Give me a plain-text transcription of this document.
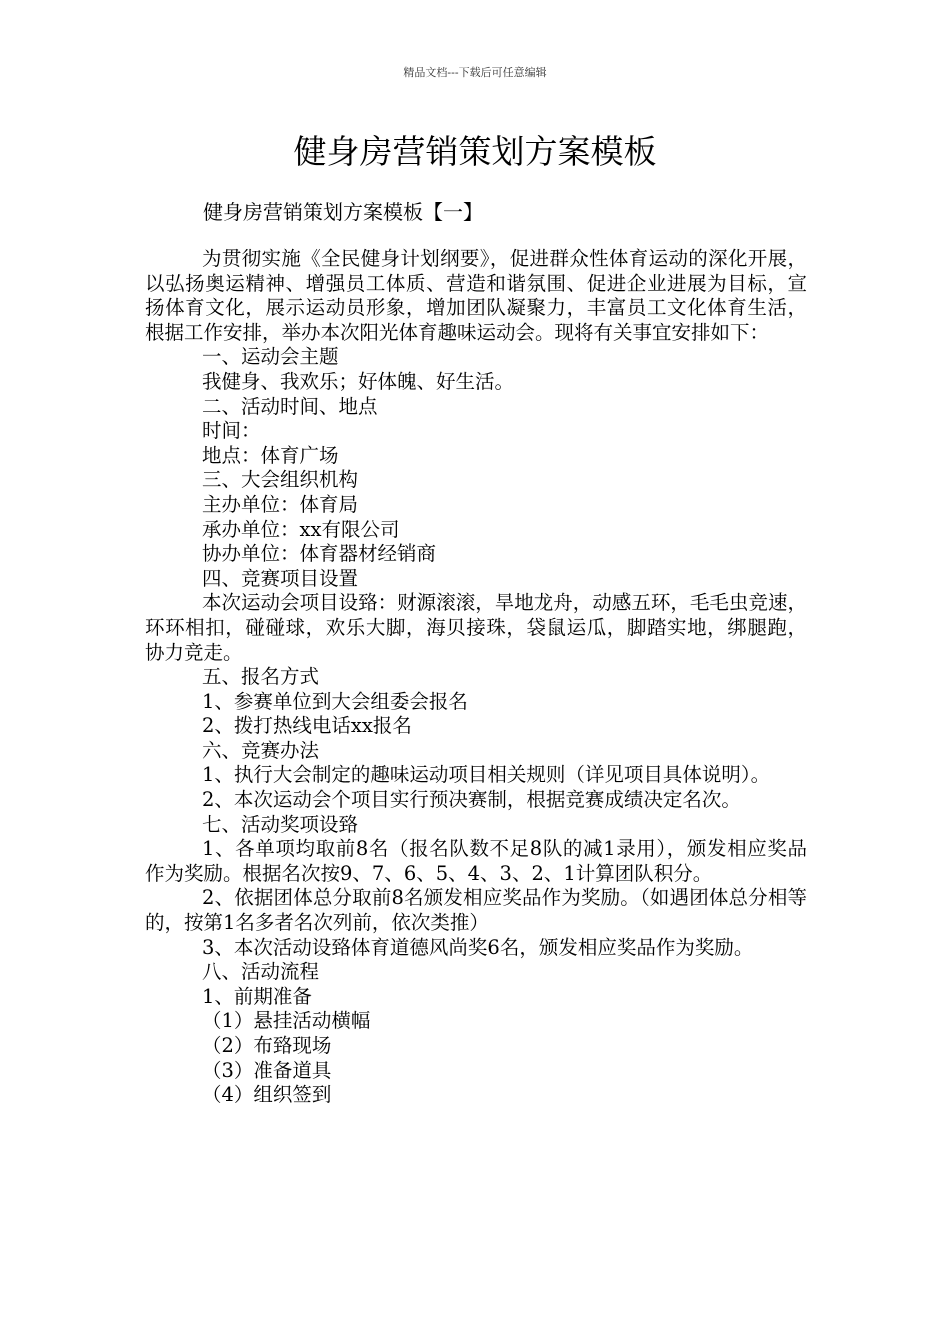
精品文档---下载后可任意编辑
健身房营销策划方案模板
健身房营销策划方案模板【一】

为贯彻实施《全民健身计划纲要》，促进群众性体育运动的深化开展，以弘扬奥运精神、增强员工体质、营造和谐氛围、促进企业进展为目标，宣扬体育文化，展示运动员形象，增加团队凝聚力，丰富员工文化体育生活，根据工作安排，举办本次阳光体育趣味运动会。现将有关事宜安排如下：

一、运动会主题

我健身、我欢乐；好体魄、好生活。

二、活动时间、地点

时间：

地点：体育广场

三、大会组织机构

主办单位：体育局

承办单位：xx有限公司

协办单位：体育器材经销商

四、竞赛项目设置

本次运动会项目设臵：财源滚滚，旱地龙舟，动感五环，毛毛虫竞速，环环相扣，碰碰球，欢乐大脚，海贝接珠，袋鼠运瓜，脚踏实地，绑腿跑，协力竞走。

五、报名方式

1、参赛单位到大会组委会报名

2、拨打热线电话xx报名

六、竞赛办法

1、执行大会制定的趣味运动项目相关规则（详见项目具体说明）。

2、本次运动会个项目实行预决赛制，根据竞赛成绩决定名次。

七、活动奖项设臵

1、各单项均取前8名（报名队数不足8队的减1录用），颁发相应奖品作为奖励。根据名次按9、7、6、5、4、3、2、1计算团队积分。

2、依据团体总分取前8名颁发相应奖品作为奖励。（如遇团体总分相等的，按第1名多者名次列前，依次类推）

3、本次活动设臵体育道德风尚奖6名，颁发相应奖品作为奖励。

八、活动流程

1、前期准备

（1）悬挂活动横幅

（2）布臵现场

（3）准备道具

（4）组织签到
